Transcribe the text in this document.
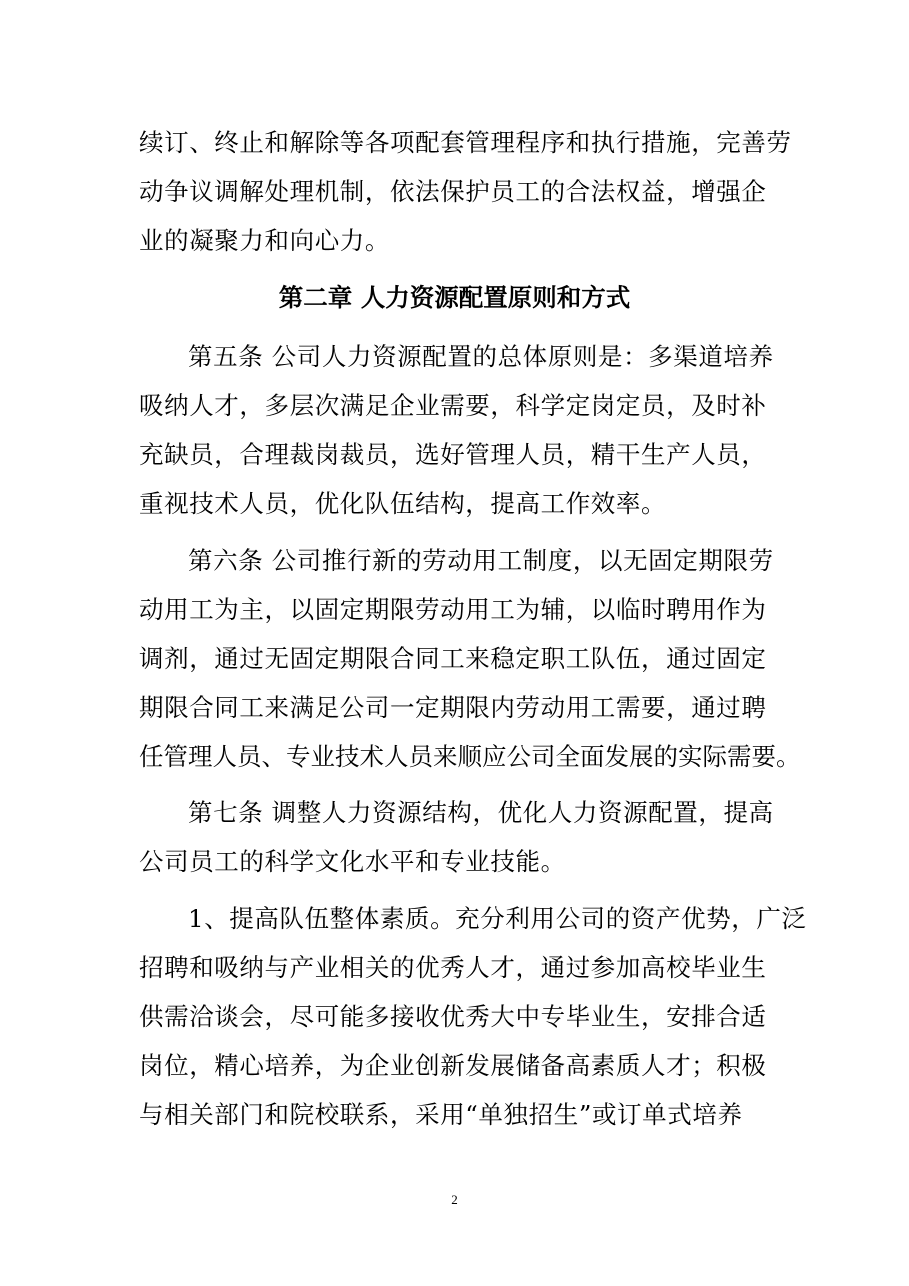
续订、终止和解除等各项配套管理程序和执行措施，完善劳
动争议调解处理机制，依法保护员工的合法权益，增强企
业的凝聚力和向心力。
第二章 人力资源配置原则和方式
第五条 公司人力资源配置的总体原则是：多渠道培养
吸纳人才，多层次满足企业需要，科学定岗定员，及时补
充缺员，合理裁岗裁员，选好管理人员，精干生产人员，
重视技术人员，优化队伍结构，提高工作效率。
第六条 公司推行新的劳动用工制度，以无固定期限劳
动用工为主，以固定期限劳动用工为辅，以临时聘用作为
调剂，通过无固定期限合同工来稳定职工队伍，通过固定
期限合同工来满足公司一定期限内劳动用工需要，通过聘
任管理人员、专业技术人员来顺应公司全面发展的实际需要。
第七条 调整人力资源结构，优化人力资源配置，提高
公司员工的科学文化水平和专业技能。
1、提高队伍整体素质。充分利用公司的资产优势，广泛
招聘和吸纳与产业相关的优秀人才，通过参加高校毕业生
供需洽谈会，尽可能多接收优秀大中专毕业生，安排合适
岗位，精心培养，为企业创新发展储备高素质人才；积极
与相关部门和院校联系，采用“单独招生”或订单式培养
2
